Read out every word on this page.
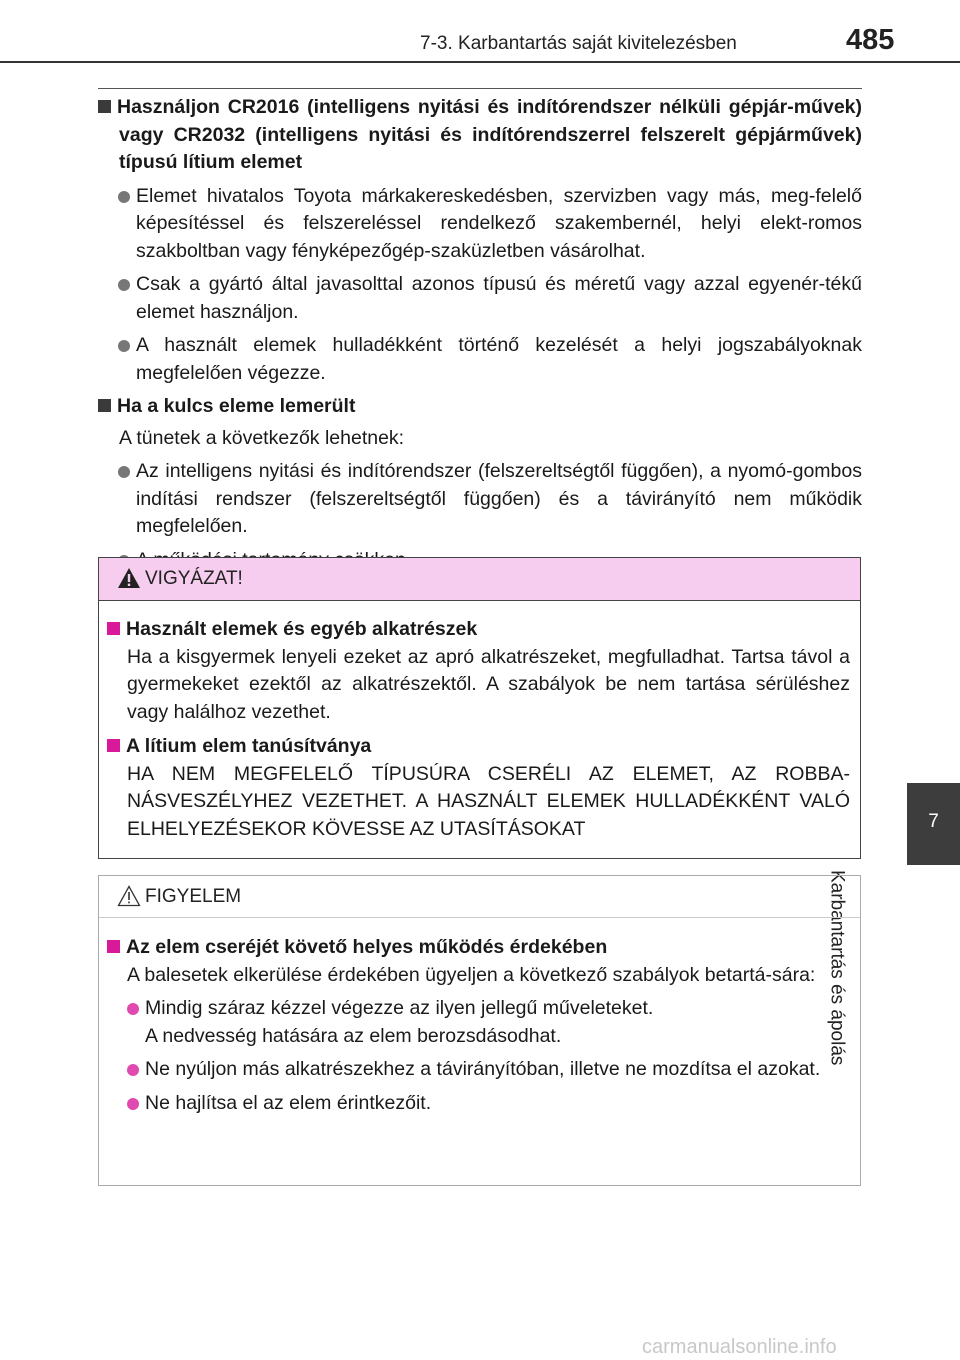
7-3. Karbantartás saját kivitelezésben	485
7
Karbantartás és ápolás
Használjon CR2016 (intelligens nyitási és indítórendszer nélküli gépjár-művek) vagy CR2032 (intelligens nyitási és indítórendszerrel felszerelt gépjárművek) típusú lítium elemet
Elemet hivatalos Toyota márkakereskedésben, szervizben vagy más, meg-felelő képesítéssel és felszereléssel rendelkező szakembernél, helyi elekt-romos szakboltban vagy fényképezőgép-szaküzletben vásárolhat.
Csak a gyártó által javasolttal azonos típusú és méretű vagy azzal egyenér-tékű elemet használjon.
A használt elemek hulladékként történő kezelését a helyi jogszabályoknak megfelelően végezze.
Ha a kulcs eleme lemerült
A tünetek a következők lehetnek:
Az intelligens nyitási és indítórendszer (felszereltségtől függően), a nyomó-gombos indítási rendszer (felszereltségtől függően) és a távirányító nem működik megfelelően.
VIGYÁZAT!
Használt elemek és egyéb alkatrészek
Ha a kisgyermek lenyeli ezeket az apró alkatrészeket, megfulladhat. Tartsa távol a gyermekeket ezektől az alkatrészektől. A szabályok be nem tartása sérüléshez vagy halálhoz vezethet.
A lítium elem tanúsítványa
HA NEM MEGFELELŐ TÍPUSÚRA CSERÉLI AZ ELEMET, AZ ROBBA-NÁSVESZÉLYHEZ VEZETHET. A HASZNÁLT ELEMEK HULLADÉKKÉNT VALÓ ELHELYEZÉSEKOR KÖVESSE AZ UTASÍTÁSOKAT
FIGYELEM
Az elem cseréjét követő helyes működés érdekében
A balesetek elkerülése érdekében ügyeljen a következő szabályok betartá-sára:
Mindig száraz kézzel végezze az ilyen jellegű műveleteket.
A nedvesség hatására az elem berozsdásodhat.
Ne nyúljon más alkatrészekhez a távirányítóban, illetve ne mozdítsa el azokat.
Ne hajlítsa el az elem érintkezőit.
carmanualsonline.info
